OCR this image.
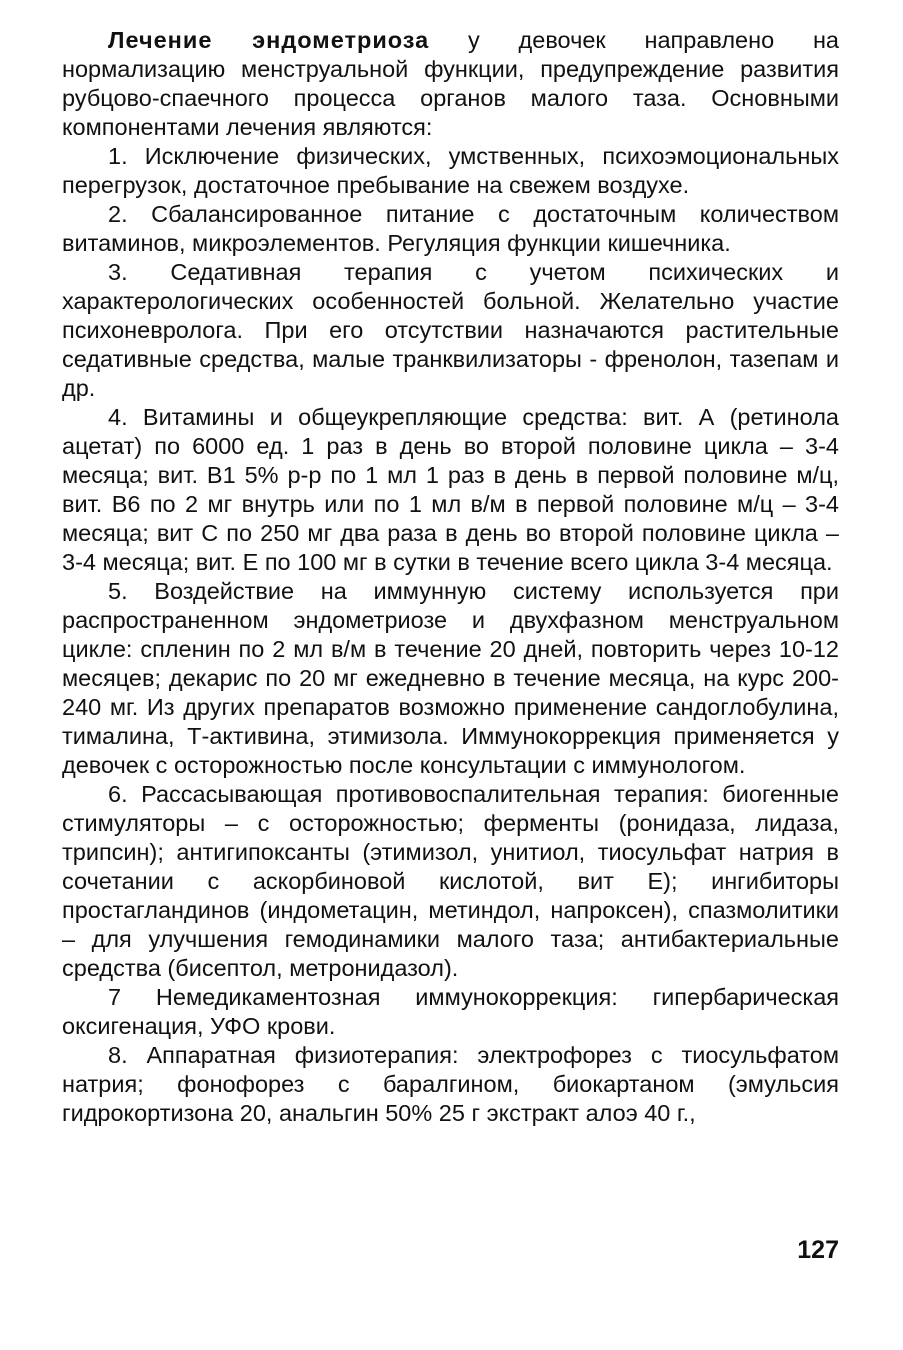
Лечение эндометриоза у девочек направлено на нормализацию менструальной функции, предупреждение развития рубцово-спаечного процесса органов малого таза. Основными компонентами лечения являются:

1. Исключение физических, умственных, психоэмоциональных перегрузок, достаточное пребывание на свежем воздухе.

2. Сбалансированное питание с достаточным количеством витаминов, микроэлементов. Регуляция функции кишечника.

3. Седативная терапия с учетом психических и характерологических особенностей больной. Желательно участие психоневролога. При его отсутствии назначаются растительные седативные средства, малые транквилизаторы - френолон, тазепам и др.

4. Витамины и общеукрепляющие средства: вит. А (ретинола ацетат) по 6000 ед. 1 раз в день во второй половине цикла – 3-4 месяца; вит. В1 5% р-р по 1 мл 1 раз в день в первой половине м/ц, вит. В6 по 2 мг внутрь или по 1 мл в/м в первой половине м/ц – 3-4 месяца; вит С по 250 мг два раза в день во второй половине цикла – 3-4 месяца; вит. Е по 100 мг в сутки в течение всего цикла 3-4 месяца.

5. Воздействие на иммунную систему используется при распространенном эндометриозе и двухфазном менструальном цикле: спленин по 2 мл в/м в течение 20 дней, повторить через 10-12 месяцев; декарис по 20 мг ежедневно в течение месяца, на курс 200-240 мг. Из других препаратов возможно применение сандоглобулина, тималина, Т-активина, этимизола. Иммунокоррекция применяется у девочек с осторожностью после консультации с иммунологом.

6. Рассасывающая противовоспалительная терапия: биогенные стимуляторы – с осторожностью; ферменты (ронидаза, лидаза, трипсин); антигипоксанты (этимизол, унитиол, тиосульфат натрия в сочетании с аскорбиновой кислотой, вит Е); ингибиторы простагландинов (индометацин, метиндол, напроксен), спазмолитики – для улучшения гемодинамики малого таза; антибактериальные средства (бисептол, метронидазол).

7 Немедикаментозная иммунокоррекция: гипербарическая оксигенация, УФО крови.

8. Аппаратная физиотерапия: электрофорез с тиосульфатом натрия; фонофорез с баралгином, биокартаном (эмульсия гидрокортизона 20, анальгин 50% 25 г экстракт алоэ 40 г.,

127
